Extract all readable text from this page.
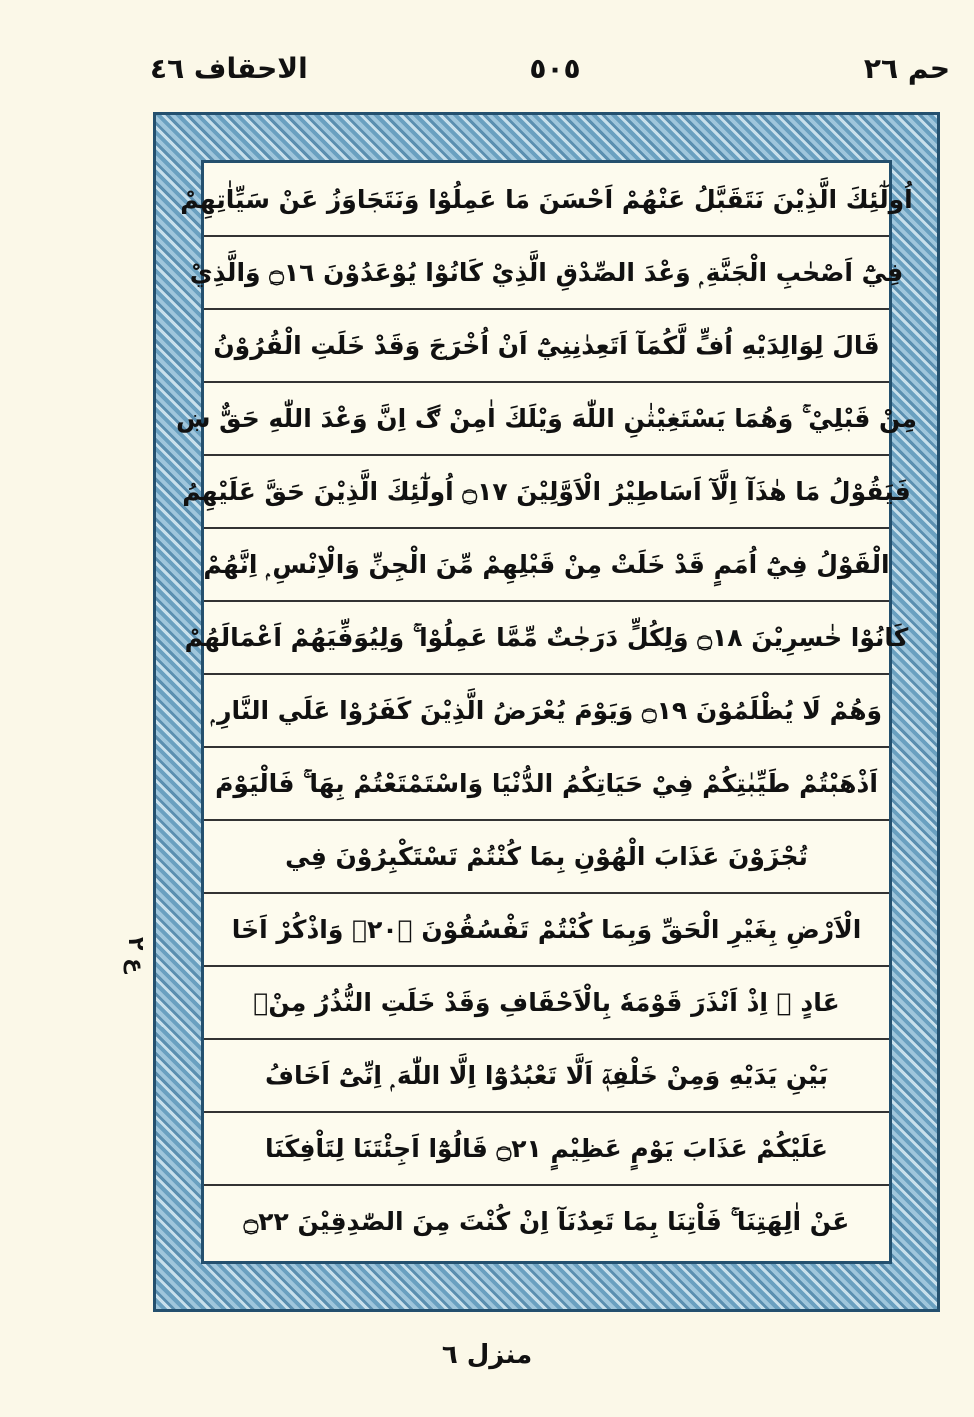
الاحقاف ٤٦	٥٠٥	حم ٢٦
اُولٰٓئِكَ الَّذِيْنَ نَتَقَبَّلُ عَنْهُمْ اَحْسَنَ مَا عَمِلُوْا وَنَتَجَاوَزُ عَنْ سَيِّاٰتِهِمْ
فِيْٓ اَصْحٰبِ الْجَنَّةِ ۭ وَعْدَ الصِّدْقِ الَّذِيْ كَانُوْا يُوْعَدُوْنَ ۝١٦ وَالَّذِيْ
قَالَ لِوَالِدَيْهِ اُفٍّ لَّكُمَآ اَتَعِدٰنِنِيْٓ اَنْ اُخْرَجَ وَقَدْ خَلَتِ الْقُرُوْنُ
مِنْ قَبْلِيْ ۚ وَهُمَا يَسْتَغِيْثٰنِ اللّٰهَ وَيْلَكَ اٰمِنْ ڰ اِنَّ وَعْدَ اللّٰهِ حَقٌّ ښ
فَيَقُوْلُ مَا هٰذَآ اِلَّآ اَسَاطِيْرُ الْاَوَّلِيْنَ ۝١٧ اُولٰٓئِكَ الَّذِيْنَ حَقَّ عَلَيْهِمُ
الْقَوْلُ فِيْٓ اُمَمٍ قَدْ خَلَتْ مِنْ قَبْلِهِمْ مِّنَ الْجِنِّ وَالْاِنْسِ ۭ اِنَّهُمْ
كَانُوْا خٰسِرِيْنَ ۝١٨ وَلِكُلٍّ دَرَجٰتٌ مِّمَّا عَمِلُوْا ۚ وَلِيُوَفِّيَهُمْ اَعْمَالَهُمْ
وَهُمْ لَا يُظْلَمُوْنَ ۝١٩ وَيَوْمَ يُعْرَضُ الَّذِيْنَ كَفَرُوْا عَلَي النَّارِ ۭ
اَذْهَبْتُمْ طَيِّبٰتِكُمْ فِيْ حَيَاتِكُمُ الدُّنْيَا وَاسْتَمْتَعْتُمْ بِهَا ۚ فَالْيَوْمَ
تُجْزَوْنَ عَذَابَ الْهُوْنِ بِمَا كُنْتُمْ تَسْتَكْبِرُوْنَ فِي
الْاَرْضِ بِغَيْرِ الْحَقِّ وَبِمَا كُنْتُمْ تَفْسُقُوْنَ ۝٢٠ۧ وَاذْكُرْ اَخَا
عَادٍ ۭ اِذْ اَنْذَرَ قَوْمَهٗ بِالْاَحْقَافِ وَقَدْ خَلَتِ النُّذُرُ مِنْۢ
بَيْنِ يَدَيْهِ وَمِنْ خَلْفِهٖٓ اَلَّا تَعْبُدُوْٓا اِلَّا اللّٰهَ ۭ اِنِّىْٓ اَخَافُ
عَلَيْكُمْ عَذَابَ يَوْمٍ عَظِيْمٍ ۝٢١ قَالُوْٓا اَجِئْتَنَا لِتَاْفِكَنَا
عَنْ اٰلِهَتِنَا ۚ فَاْتِنَا بِمَا تَعِدُنَآ اِنْ كُنْتَ مِنَ الصّٰدِقِيْنَ ۝٢٢
ع ٢
منزل ٦
